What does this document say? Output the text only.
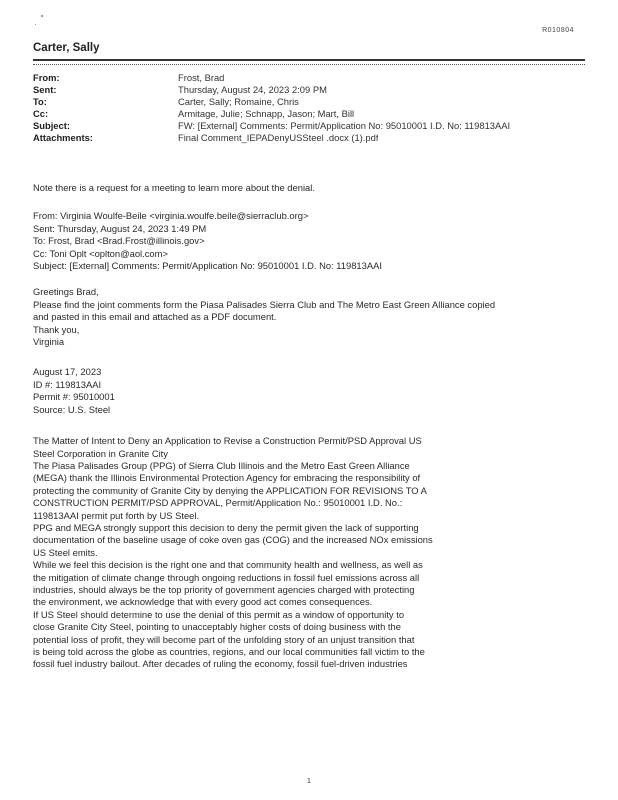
R010804
Carter, Sally
From:	Frost, Brad
Sent:	Thursday, August 24, 2023 2:09 PM
To:	Carter, Sally; Romaine, Chris
Cc:	Armitage, Julie; Schnapp, Jason; Mart, Bill
Subject:	FW: [External] Comments: Permit/Application No: 95010001 I.D. No: 119813AAI
Attachments:	Final Comment_IEPADenyUSSteel .docx (1).pdf

Note there is a request for a meeting to learn more about the denial.

From: Virginia Woulfe-Beile <virginia.woulfe.beile@sierraclub.org>

Sent: Thursday, August 24, 2023 1:49 PM

To: Frost, Brad <Brad.Frost@illinois.gov>

Cc: Toni Oplt <oplton@aol.com>

Subject: [External] Comments: Permit/Application No: 95010001 I.D. No: 119813AAI

Greetings Brad,

Please find the joint comments form the Piasa Palisades Sierra Club and The Metro East Green Alliance copied

and pasted in this email and attached as a PDF document.

Thank you,

Virginia

August 17, 2023

ID #: 119813AAI

Permit #: 95010001

Source: U.S. Steel

The Matter of Intent to Deny an Application to Revise a Construction Permit/PSD Approval US

Steel Corporation in Granite City

The Piasa Palisades Group (PPG) of Sierra Club Illinois and the Metro East Green Alliance

(MEGA) thank the Illinois Environmental Protection Agency for embracing the responsibility of

protecting the community of Granite City by denying the APPLICATION FOR REVISIONS TO A

CONSTRUCTION PERMIT/PSD APPROVAL, Permit/Application No.: 95010001 I.D. No.:

119813AAI permit put forth by US Steel.

PPG and MEGA strongly support this decision to deny the permit given the lack of supporting

documentation of the baseline usage of coke oven gas (COG) and the increased NOx emissions

US Steel emits.

While we feel this decision is the right one and that community health and wellness, as well as

the mitigation of climate change through ongoing reductions in fossil fuel emissions across all

industries, should always be the top priority of government agencies charged with protecting

the environment, we acknowledge that with every good act comes consequences.

If US Steel should determine to use the denial of this permit as a window of opportunity to

close Granite City Steel, pointing to unacceptably higher costs of doing business with the

potential loss of profit, they will become part of the unfolding story of an unjust transition that

is being told across the globe as countries, regions, and our local communities fall victim to the

fossil fuel industry bailout. After decades of ruling the economy, fossil fuel-driven industries

1
